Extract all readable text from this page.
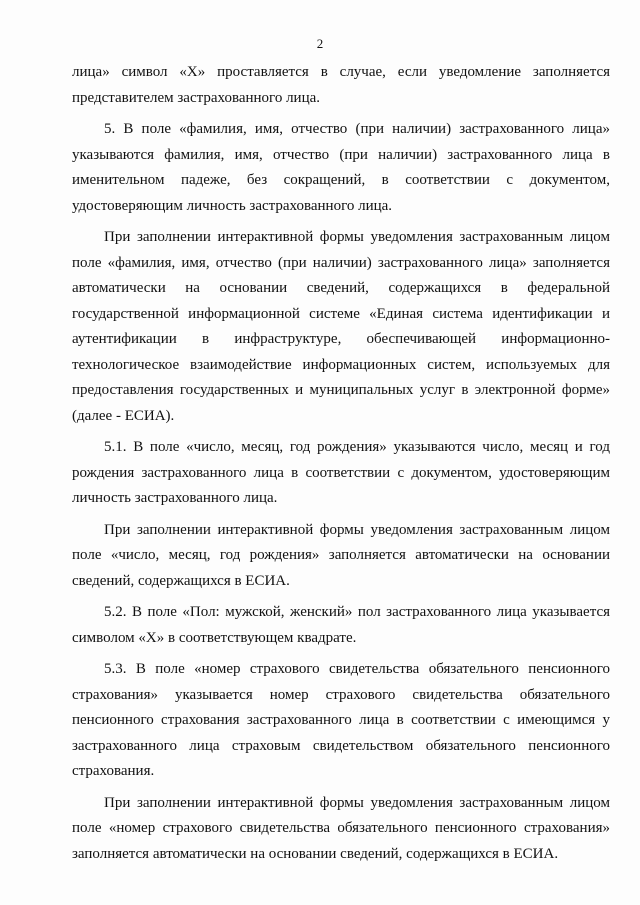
2

лица» символ «Х» проставляется в случае, если уведомление заполняется представителем застрахованного лица.

5. В поле «фамилия, имя, отчество (при наличии) застрахованного лица» указываются фамилия, имя, отчество (при наличии) застрахованного лица в именительном падеже, без сокращений, в соответствии с документом, удостоверяющим личность застрахованного лица.

При заполнении интерактивной формы уведомления застрахованным лицом поле «фамилия, имя, отчество (при наличии) застрахованного лица» заполняется автоматически на основании сведений, содержащихся в федеральной государственной информационной системе «Единая система идентификации и аутентификации в инфраструктуре, обеспечивающей информационно-технологическое взаимодействие информационных систем, используемых для предоставления государственных и муниципальных услуг в электронной форме» (далее - ЕСИА).

5.1. В поле «число, месяц, год рождения» указываются число, месяц и год рождения застрахованного лица в соответствии с документом, удостоверяющим личность застрахованного лица.

При заполнении интерактивной формы уведомления застрахованным лицом поле «число, месяц, год рождения» заполняется автоматически на основании сведений, содержащихся в ЕСИА.

5.2. В поле «Пол: мужской, женский» пол застрахованного лица указывается символом «Х» в соответствующем квадрате.

5.3. В поле «номер страхового свидетельства обязательного пенсионного страхования» указывается номер страхового свидетельства обязательного пенсионного страхования застрахованного лица в соответствии с имеющимся у застрахованного лица страховым свидетельством обязательного пенсионного страхования.

При заполнении интерактивной формы уведомления застрахованным лицом поле «номер страхового свидетельства обязательного пенсионного страхования» заполняется автоматически на основании сведений, содержащихся в ЕСИА.
